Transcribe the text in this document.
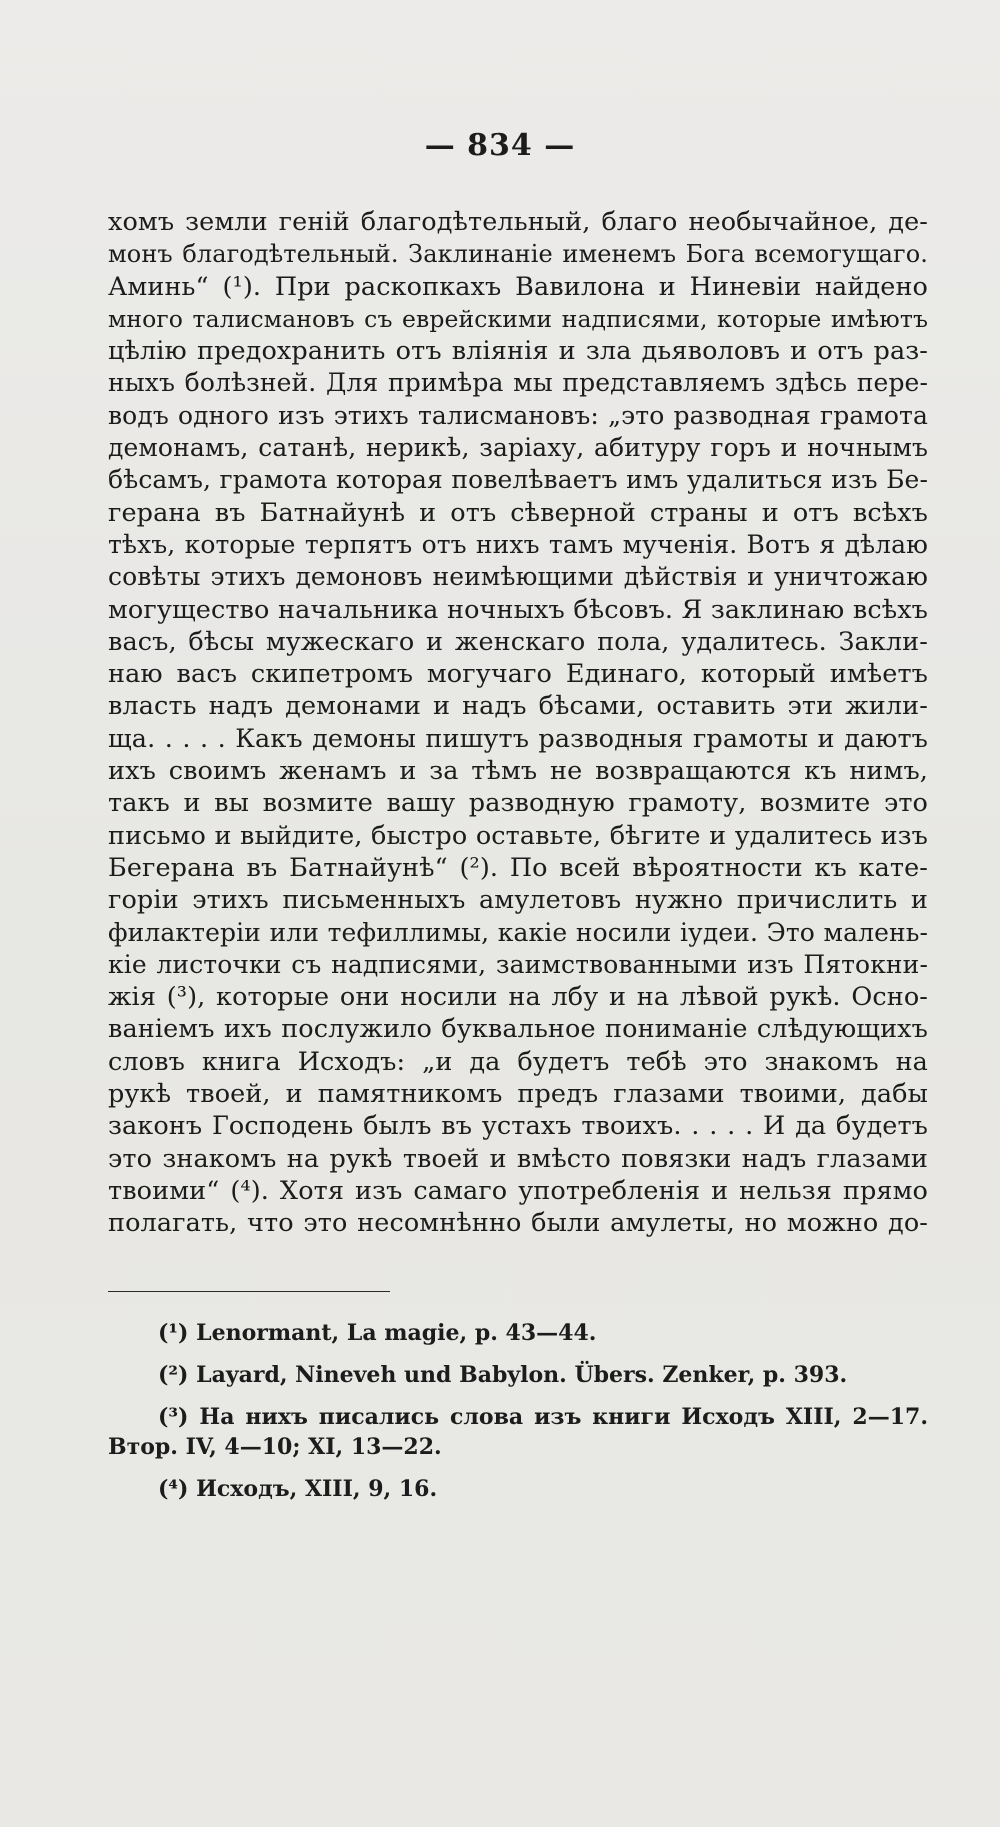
— 834 —
хомъ земли генiй благодѣтельный, благо необычайное, де-
монъ благодѣтельный. Заклинанiе именемъ Бога всемогущаго.
Аминь“ (¹). При раскопкахъ Вавилона и Ниневiи найдено
много талисмановъ съ еврейскими надписями, которые имѣютъ
цѣлiю предохранить отъ влiянiя и зла дьяволовъ и отъ раз-
ныхъ болѣзней. Для примѣра мы представляемъ здѣсь пере-
водъ одного изъ этихъ талисмановъ: „это разводная грамота
демонамъ, сатанѣ, нерикѣ, зарiаху, абитуру горъ и ночнымъ
бѣсамъ, грамота которая повелѣваетъ имъ удалиться изъ Бе-
герана въ Батнайунѣ и отъ сѣверной страны и отъ всѣхъ
тѣхъ, которые терпятъ отъ нихъ тамъ мученiя. Вотъ я дѣлаю
совѣты этихъ демоновъ неимѣющими дѣйствiя и уничтожаю
могущество начальника ночныхъ бѣсовъ. Я заклинаю всѣхъ
васъ, бѣсы мужескаго и женскаго пола, удалитесь. Закли-
наю васъ скипетромъ могучаго Единаго, который имѣетъ
власть надъ демонами и надъ бѣсами, оставить эти жили-
ща. . . . . Какъ демоны пишутъ разводныя грамоты и даютъ
ихъ своимъ женамъ и за тѣмъ не возвращаются къ нимъ,
такъ и вы возмите вашу разводную грамоту, возмите это
письмо и выйдите, быстро оставьте, бѣгите и удалитесь изъ
Бегерана въ Батнайунѣ“ (²). По всей вѣроятности къ кате-
горiи этихъ письменныхъ амулетовъ нужно причислить и
филактерiи или тефиллимы, какiе носили iудеи. Это малень-
кiе листочки съ надписями, заимствованными изъ Пятокни-
жiя (³), которые они носили на лбу и на лѣвой рукѣ. Осно-
ванiемъ ихъ послужило буквальное пониманiе слѣдующихъ
словъ книга Исходъ: „и да будетъ тебѣ это знакомъ на
рукѣ твоей, и памятникомъ предъ глазами твоими, дабы
законъ Господень былъ въ устахъ твоихъ. . . . . И да будетъ
это знакомъ на рукѣ твоей и вмѣсто повязки надъ глазами
твоими“ (⁴). Хотя изъ самаго употребленiя и нельзя прямо
полагать, что это несомнѣнно были амулеты, но можно до-
(¹) Lenormant, La magie, p. 43—44.
(²) Layard, Nineveh und Babylon. Übers. Zenker, p. 393.
(³) На нихъ писались слова изъ книги Исходъ XIII, 2—17.
Втор. IV, 4—10; XI, 13—22.
(⁴) Исходъ, XIII, 9, 16.
